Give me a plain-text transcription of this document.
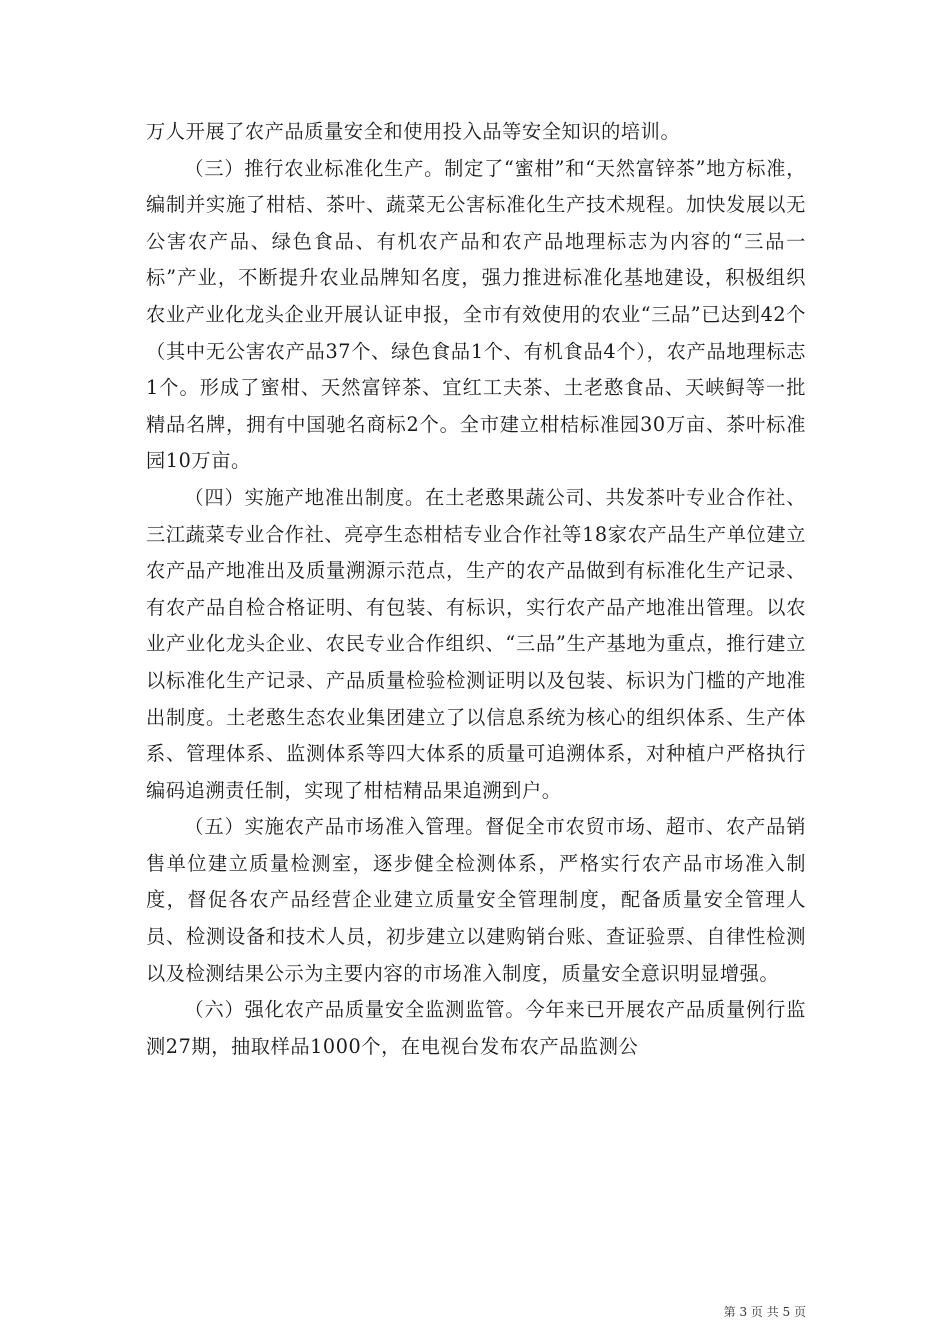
万人开展了农产品质量安全和使用投入品等安全知识的培训。

（三）推行农业标准化生产。制定了“蜜柑”和“天然富锌茶”地方标准，编制并实施了柑桔、茶叶、蔬菜无公害标准化生产技术规程。加快发展以无公害农产品、绿色食品、有机农产品和农产品地理标志为内容的“三品一标”产业，不断提升农业品牌知名度，强力推进标准化基地建设，积极组织农业产业化龙头企业开展认证申报，全市有效使用的农业“三品”已达到42个（其中无公害农产品37个、绿色食品1个、有机食品4个），农产品地理标志1个。形成了蜜柑、天然富锌茶、宜红工夫茶、土老憨食品、天峡鲟等一批精品名牌，拥有中国驰名商标2个。全市建立柑桔标准园30万亩、茶叶标准园10万亩。

（四）实施产地准出制度。在土老憨果蔬公司、共发茶叶专业合作社、三江蔬菜专业合作社、亮亭生态柑桔专业合作社等18家农产品生产单位建立农产品产地准出及质量溯源示范点，生产的农产品做到有标准化生产记录、有农产品自检合格证明、有包装、有标识，实行农产品产地准出管理。以农业产业化龙头企业、农民专业合作组织、“三品”生产基地为重点，推行建立以标准化生产记录、产品质量检验检测证明以及包装、标识为门槛的产地准出制度。土老憨生态农业集团建立了以信息系统为核心的组织体系、生产体系、管理体系、监测体系等四大体系的质量可追溯体系，对种植户严格执行编码追溯责任制，实现了柑桔精品果追溯到户。

（五）实施农产品市场准入管理。督促全市农贸市场、超市、农产品销售单位建立质量检测室，逐步健全检测体系，严格实行农产品市场准入制度，督促各农产品经营企业建立质量安全管理制度，配备质量安全管理人员、检测设备和技术人员，初步建立以建购销台账、查证验票、自律性检测以及检测结果公示为主要内容的市场准入制度，质量安全意识明显增强。

（六）强化农产品质量安全监测监管。今年来已开展农产品质量例行监测27期，抽取样品1000个，在电视台发布农产品监测公

第 3 页 共 5 页
